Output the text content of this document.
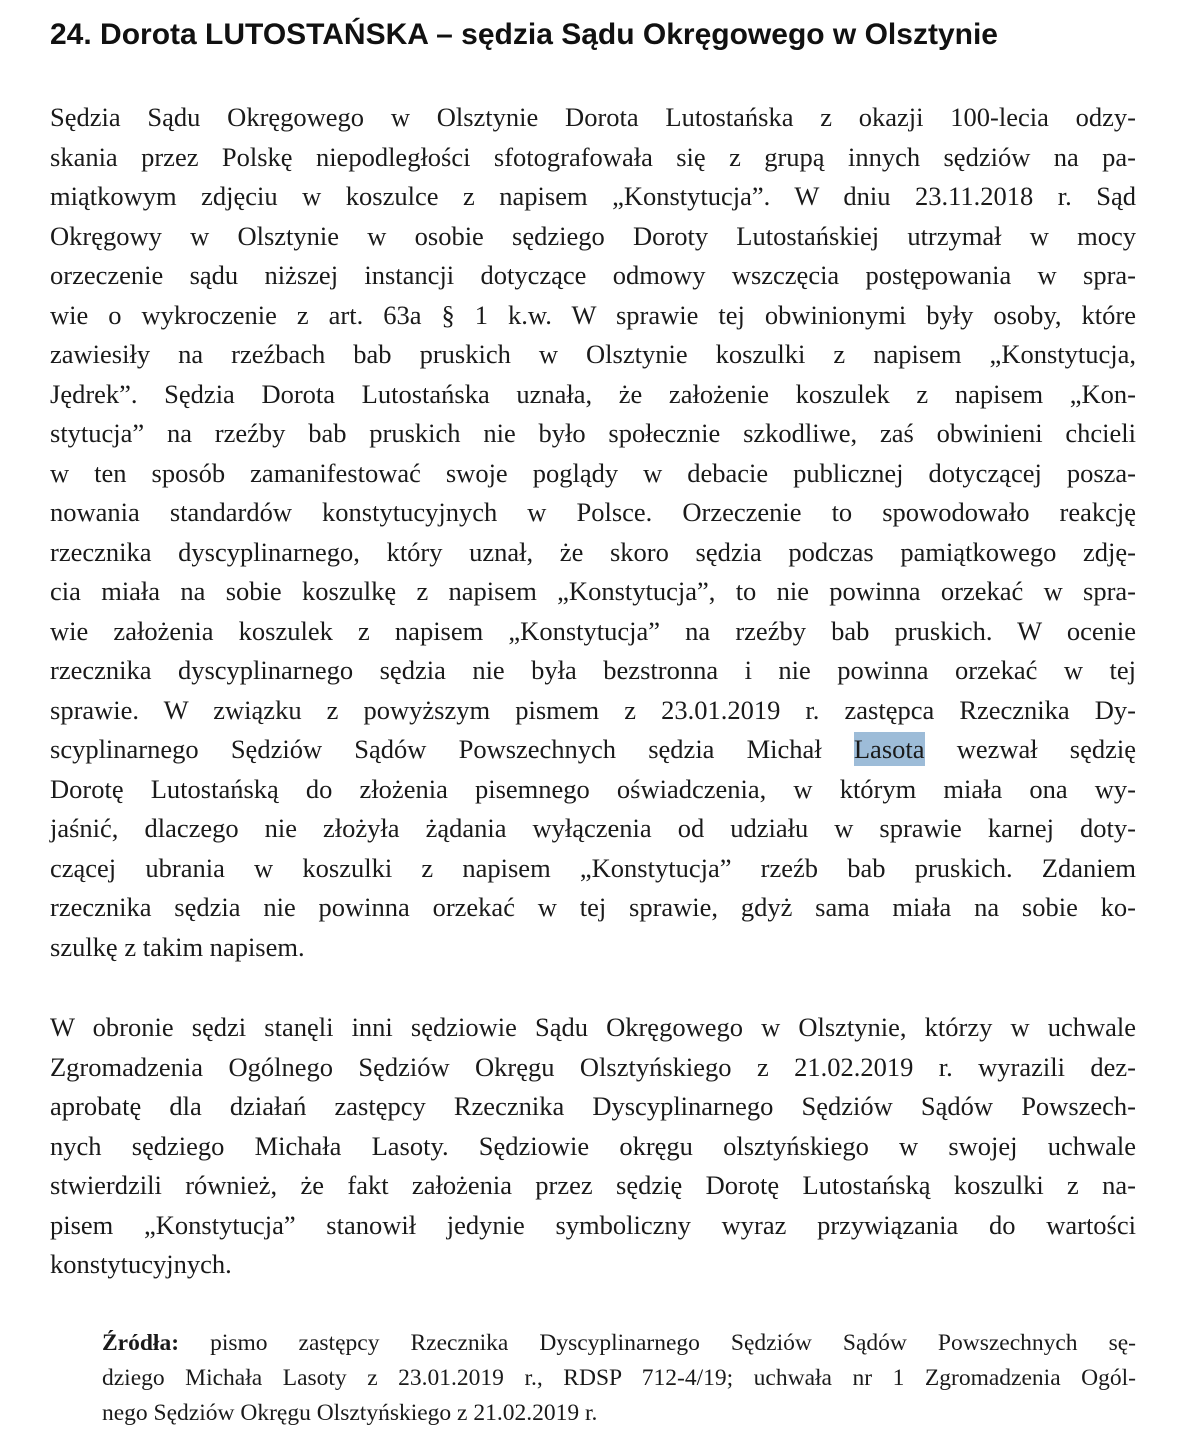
24. Dorota LUTOSTAŃSKA – sędzia Sądu Okręgowego w Olsztynie
Sędzia Sądu Okręgowego w Olsztynie Dorota Lutostańska z okazji 100-lecia odzy-
skania przez Polskę niepodległości sfotografowała się z grupą innych sędziów na pa-
miątkowym zdjęciu w koszulce z napisem „Konstytucja”. W dniu 23.11.2018 r. Sąd
Okręgowy w Olsztynie w osobie sędziego Doroty Lutostańskiej utrzymał w mocy
orzeczenie sądu niższej instancji dotyczące odmowy wszczęcia postępowania w spra-
wie o wykroczenie z art. 63a § 1 k.w. W sprawie tej obwinionymi były osoby, które
zawiesiły na rzeźbach bab pruskich w Olsztynie koszulki z napisem „Konstytucja,
Jędrek”. Sędzia Dorota Lutostańska uznała, że założenie koszulek z napisem „Kon-
stytucja” na rzeźby bab pruskich nie było społecznie szkodliwe, zaś obwinieni chcieli
w ten sposób zamanifestować swoje poglądy w debacie publicznej dotyczącej posza-
nowania standardów konstytucyjnych w Polsce. Orzeczenie to spowodowało reakcję
rzecznika dyscyplinarnego, który uznał, że skoro sędzia podczas pamiątkowego zdję-
cia miała na sobie koszulkę z napisem „Konstytucja”, to nie powinna orzekać w spra-
wie założenia koszulek z napisem „Konstytucja” na rzeźby bab pruskich. W ocenie
rzecznika dyscyplinarnego sędzia nie była bezstronna i nie powinna orzekać w tej
sprawie. W związku z powyższym pismem z 23.01.2019 r. zastępca Rzecznika Dy-
scyplinarnego Sędziów Sądów Powszechnych sędzia Michał Lasota wezwał sędzię
Dorotę Lutostańską do złożenia pisemnego oświadczenia, w którym miała ona wy-
jaśnić, dlaczego nie złożyła żądania wyłączenia od udziału w sprawie karnej doty-
czącej ubrania w koszulki z napisem „Konstytucja” rzeźb bab pruskich. Zdaniem
rzecznika sędzia nie powinna orzekać w tej sprawie, gdyż sama miała na sobie ko-
szulkę z takim napisem.
W obronie sędzi stanęli inni sędziowie Sądu Okręgowego w Olsztynie, którzy w uchwale
Zgromadzenia Ogólnego Sędziów Okręgu Olsztyńskiego z 21.02.2019 r. wyrazili dez-
aprobatę dla działań zastępcy Rzecznika Dyscyplinarnego Sędziów Sądów Powszech-
nych sędziego Michała Lasoty. Sędziowie okręgu olsztyńskiego w swojej uchwale
stwierdzili również, że fakt założenia przez sędzię Dorotę Lutostańską koszulki z na-
pisem „Konstytucja” stanowił jedynie symboliczny wyraz przywiązania do wartości
konstytucyjnych.
Źródła: pismo zastępcy Rzecznika Dyscyplinarnego Sędziów Sądów Powszechnych sę-
dziego Michała Lasoty z 23.01.2019 r., RDSP 712-4/19; uchwała nr 1 Zgromadzenia Ogól-
nego Sędziów Okręgu Olsztyńskiego z 21.02.2019 r.
